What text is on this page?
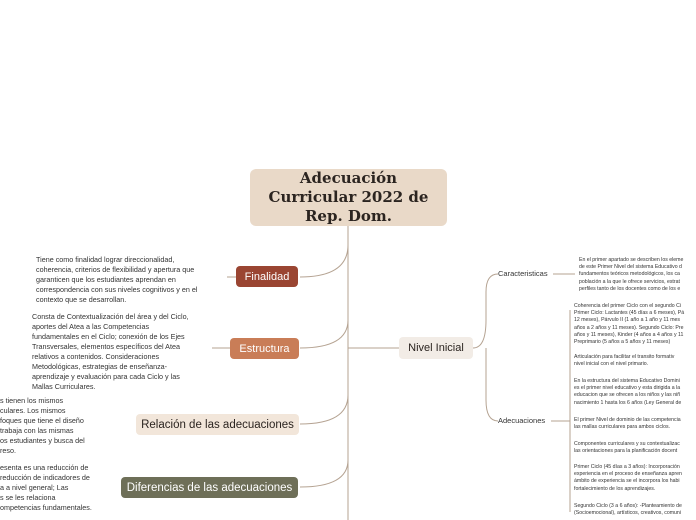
Adecuación Curricular 2022 de Rep. Dom.
Finalidad
Tiene como finalidad lograr direccionalidad,
coherencia, criterios de flexibilidad y apertura que
garanticen que los estudiantes aprendan en
correspondencia con sus niveles cognitivos y en el
contexto que se desarrollan.
Estructura
Consta de Contextualización del área y del Ciclo,
aportes del Atea a las Competencias
fundamentales en el Ciclo; conexión de los Ejes
Transversales, elementos específicos del Atea
relativos a contenidos. Consideraciones
Metodológicas, estrategias de enseñanza-
aprendizaje y evaluación para cada Ciclo y las
Mallas Curriculares.
Relación de las adecuaciones
s tienen los mismos
culares. Los mismos
foques que tiene el diseño
trabaja con las mismas
os estudiantes y busca del
reso.
Diferencias de las adecuaciones
esenta es una reducción de
reducción de indicadores de
a a nivel general; Las
s se les relaciona
ompetencias fundamentales.
Nivel Inicial
Caracteristicas
En el primer apartado se describen los eleme
de este Primer Nivel del sistema Educativo d
fundamentos teóricos metodológicos, los ca
población a la que le ofrece servicios, estrat
perfiles tanto de los docentes como de los e
Adecuaciones
Coherencia del primer Ciclo con el segundo Ci
Primer Ciclo: Lactantes (45 días a 6 meses), Pá
12 meses), Párvulo II (1 año a 1 año y 11 mes
años a 2 años y 11 meses). Segundo Ciclo: Pre
años y 11 meses), Kinder (4 años a 4 años y 11
Preprimario (5 años a 5 años y 11 meses)
Articulación para facilitar el transito formativ
nivel inicial con el nivel primario.
En la estructura del sistema Educativo Domini
es el primer nivel educativo y esta dirigida a la
educacion que se ofrecen a los niños y las niñ
nacimiento 1 hasta los 6 años (Ley General de
El primer Nivel de dominio de las competencia
las mallas curriculares para ambos ciclos.
Componentes curriculares y su contextualizac
las orientaciones para la planificación docent
Primer Ciclo (45 días a 3 años): Incorporación
experiencia en el proceso de enseñanza apren
ámbito de experiencia se el incorpora los habi
fortalecimiento de los aprendizajes.
Segundo Ciclo (3 a 6 años): -Planteamiento de
(Socioemocional), artísticos, creativos, comuni
